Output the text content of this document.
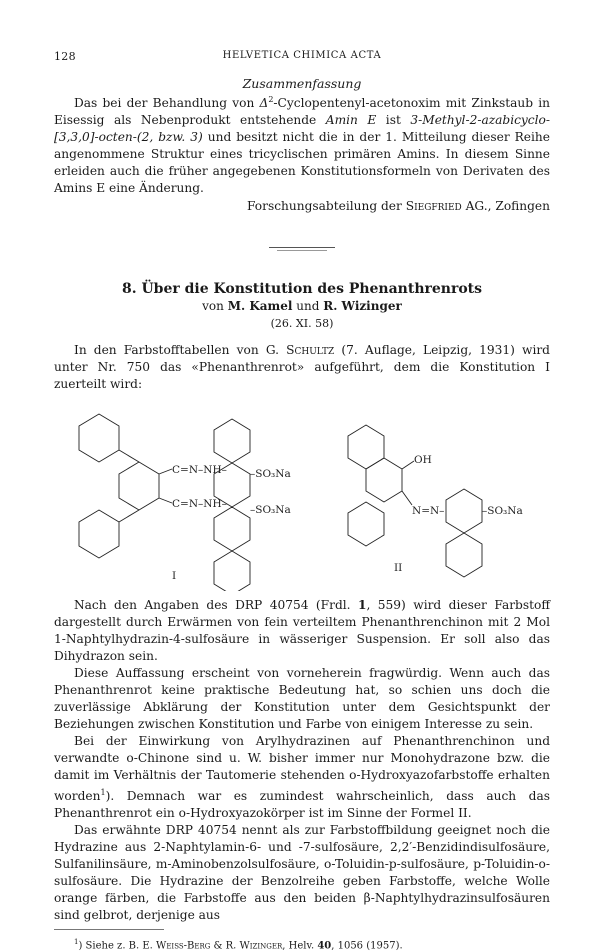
128	HELVETICA CHIMICA ACTA
Zusammenfassung

Das bei der Behandlung von $\Delta^2-Cyclopentenyl$-acetonoxim mit Zinkstaub in Eisessig als Nebenprodukt entstehende Amin E ist 3-Methyl-2-azabicyclo-[3,3,0]-octen-(2, bzw. 3) und besitzt nicht die in der 1. Mitteilung dieser Reihe angenommene Struktur eines tricyclischen primären Amins. In diesem Sinne erleiden auch die früher angegebenen Konstitutionsformeln von Derivaten des Amins E eine Änderung.

Forschungsabteilung der Siegfried AG., Zofingen
8. Über die Konstitution des Phenanthrenrots
von M. Kamel und R. Wizinger
(26. XI. 58)

In den Farbstofftabellen von G. Schultz (7. Auflage, Leipzig, 1931) wird unter Nr. 750 das «Phenanthrenrot» aufgeführt, dem die Konstitution I zuerteilt wird:

C=N–NH–
C=N–NH–
–SO₃Na
–SO₃Na
I
OH
N=N–	–SO₃Na
II

Nach den Angaben des DRP 40754 (Frdl. 1, 559) wird dieser Farbstoff dargestellt durch Erwärmen von fein verteiltem Phenanthrenchinon mit 2 Mol 1-Naphtylhydrazin-4-sulfosäure in wässeriger Suspension. Er soll also das Dihydrazon sein.

Diese Auffassung erscheint von vorneherein fragwürdig. Wenn auch das Phenanthrenrot keine praktische Bedeutung hat, so schien uns doch die zuverlässige Abklärung der Konstitution unter dem Gesichtspunkt der Beziehungen zwischen Konstitution und Farbe von einigem Interesse zu sein.

Bei der Einwirkung von Arylhydrazinen auf Phenanthrenchinon und verwandte o-Chinone sind u. W. bisher immer nur Monohydrazone bzw. die damit im Verhältnis der Tautomerie stehenden o-Hydroxyazofarbstoffe erhalten worden$^1$). Demnach war es zumindest wahrscheinlich, dass auch das Phenanthrenrot ein o-Hydroxyazokörper ist im Sinne der Formel II.

Das erwähnte DRP 40754 nennt als zur Farbstoffbildung geeignet noch die Hydrazine aus 2-Naphtylamin-6- und -7-sulfosäure, 2,2′-Benzidindisulfosäure, Sulfanilinsäure, m-Aminobenzolsulfosäure, o-Toluidin-p-sulfosäure, p-Toluidin-o-sulfosäure. Die Hydrazine der Benzolreihe geben Farbstoffe, welche Wolle orange färben, die Farbstoffe aus den beiden β-Naphtylhydrazinsulfosäuren sind gelbrot, derjenige aus

$^1$) Siehe z. B. E. Weiss-Berg & R. Wizinger, Helv. 40, 1056 (1957).
